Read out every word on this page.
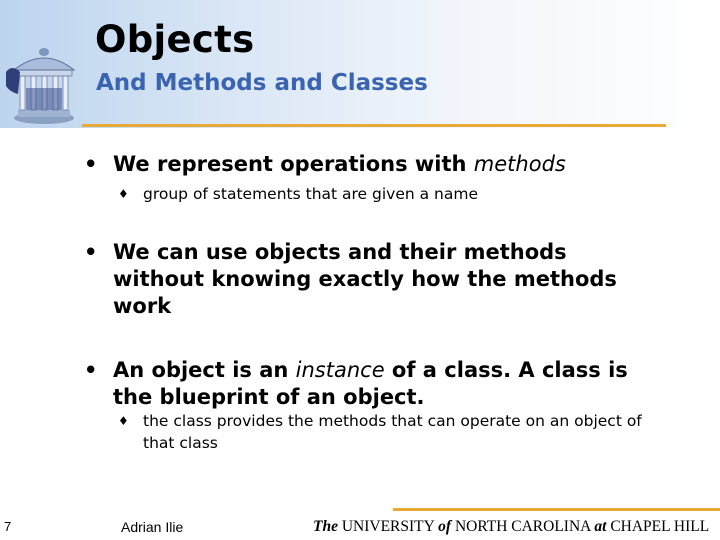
Objects
And Methods and Classes
• We represent operations with methods
♦ group of statements that are given a name
• We can use objects and their methods without knowing exactly how the methods work
• An object is an instance of a class. A class is the blueprint of an object.
♦ the class provides the methods that can operate on an object of that class
7	Adrian Ilie	The UNIVERSITY of NORTH CAROLINA at CHAPEL HILL
